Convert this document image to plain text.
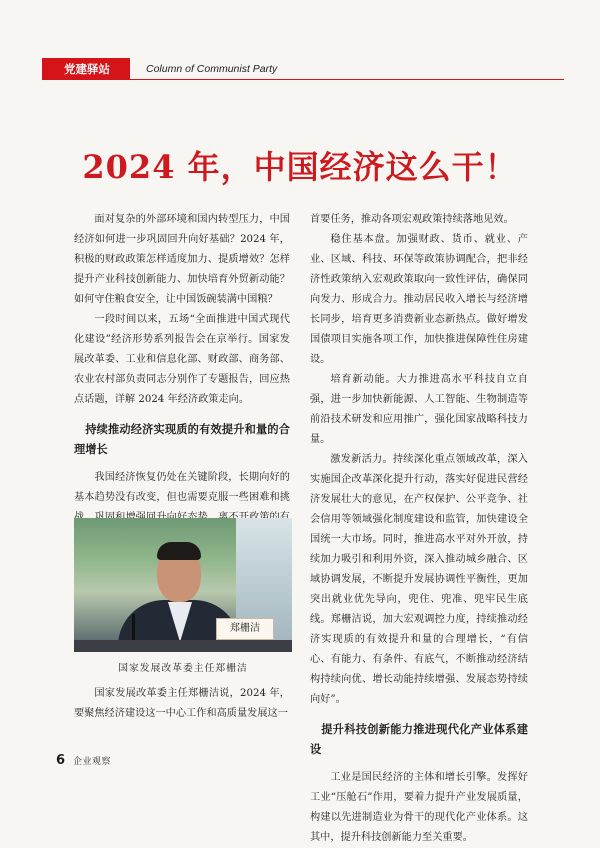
党建驿站	Column of Communist Party
2024 年，中国经济这么干！

面对复杂的外部环境和国内转型压力，中国经济如何进一步巩固回升向好基础？2024 年，积极的财政政策怎样适度加力、提质增效？怎样提升产业科技创新能力、加快培育外贸新动能？如何守住粮食安全，让中国饭碗装满中国粮？

一段时间以来，五场“全面推进中国式现代化建设”经济形势系列报告会在京举行。国家发展改革委、工业和信息化部、财政部、商务部、农业农村部负责同志分别作了专题报告，回应热点话题，详解 2024 年经济政策走向。

持续推动经济实现质的有效提升和量的合理增长

我国经济恢复仍处在关键阶段，长期向好的基本趋势没有改变，但也需要克服一些困难和挑

郑栅洁
国家发展改革委主任郑栅洁

国家发展改革委主任郑栅洁说，2024 年，要聚焦经济建设这一中心工作和高质量发展这一

首要任务，推动各项宏观政策持续落地见效。

稳住基本盘。加强财政、货币、就业、产业、区域、科技、环保等政策协调配合，把非经济性政策纳入宏观政策取向一致性评估，确保同向发力、形成合力。推动居民收入增长与经济增长同步，培育更多消费新业态新热点。做好增发国债项目实施各项工作，加快推进保障性住房建设。

培育新动能。大力推进高水平科技自立自强，进一步加快新能源、人工智能、生物制造等前沿技术研发和应用推广，强化国家战略科技力量。

激发新活力。持续深化重点领域改革，深入实施国企改革深化提升行动，落实好促进民营经济发展壮大的意见，在产权保护、公平竞争、社会信用等领域强化制度建设和监管，加快建设全国统一大市场。同时，推进高水平对外开放，持续加力吸引和利用外资，深入推动城乡融合、区域协调发展，不断提升发展协调性平衡性，更加突出就业优先导向，兜住、兜准、兜牢民生底线。郑栅洁说，加大宏观调控力度，持续推动经济实现质的有效提升和量的合理增长，“有信心、有能力、有条件、有底气，不断推动经济结构持续向优、增长动能持续增强、发展态势持续向好”。

提升科技创新能力推进现代化产业体系建设

工业是国民经济的主体和增长引擎。发挥好工业“压舱石”作用，要着力提升产业发展质量，构建以先进制造业为骨干的现代化产业体系。这其中，提升科技创新能力至关重要。

6 企业观察
